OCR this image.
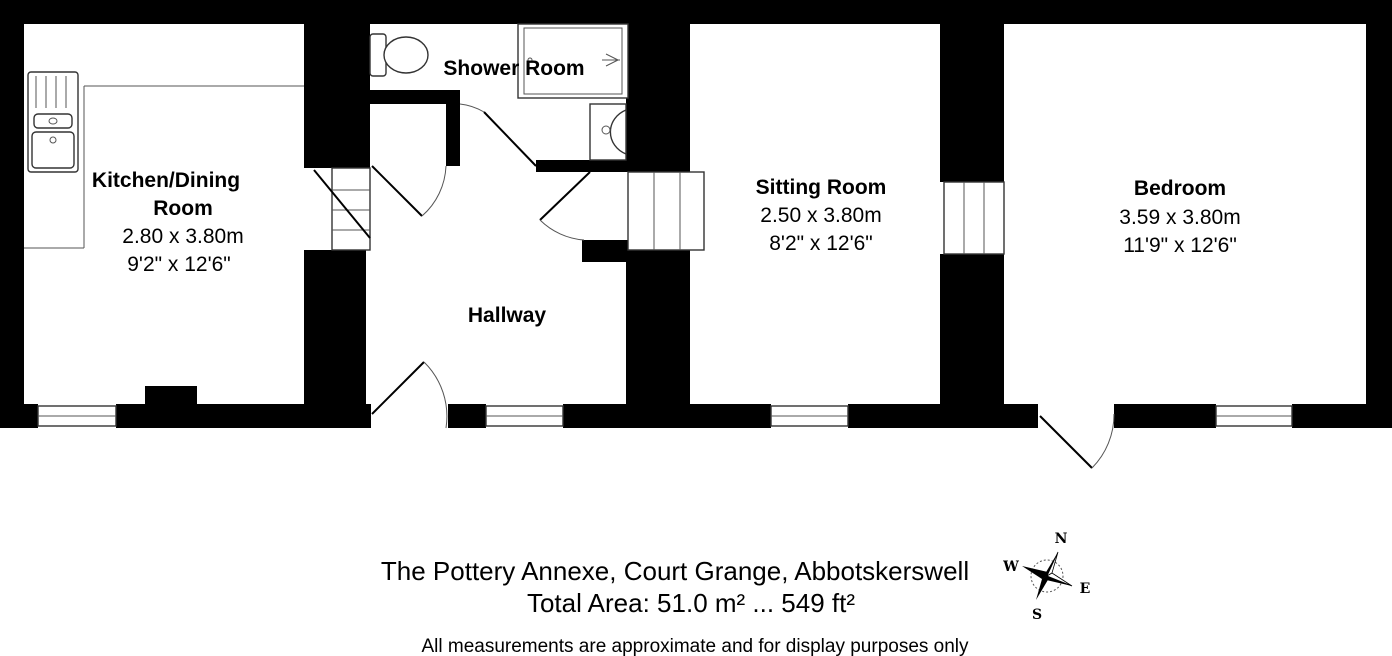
Kitchen/Dining
Room
2.80 x 3.80m
9'2" x 12'6"
Shower Room
Hallway
Sitting Room
2.50 x 3.80m
8'2" x 12'6"
Bedroom
3.59 x 3.80m
11'9" x 12'6"
The Pottery Annexe, Court Grange, Abbotskerswell
Total Area: 51.0 m² ... 549 ft²
All measurements are approximate and for display purposes only
N
E
S
W
